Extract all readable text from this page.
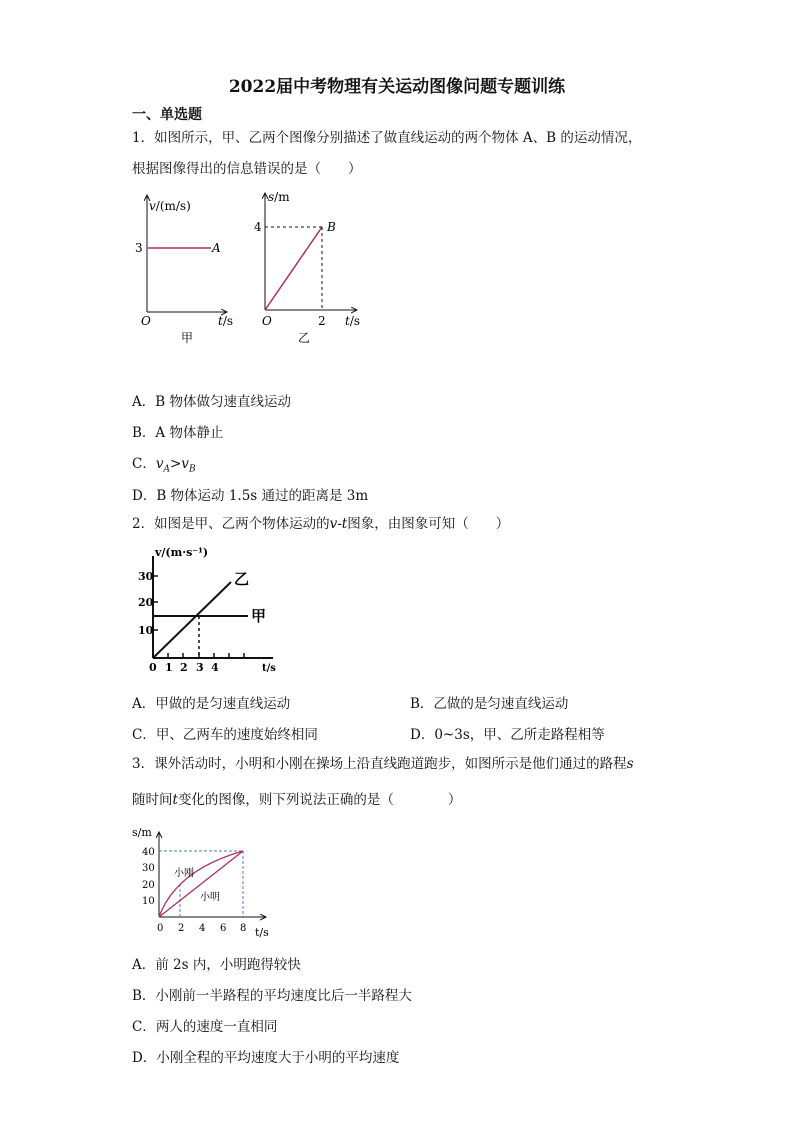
2022届中考物理有关运动图像问题专题训练
一、单选题
1．如图所示，甲、乙两个图像分别描述了做直线运动的两个物体 A、B 的运动情况，
根据图像得出的信息错误的是（　　）
v/(m/s)
3	A
O	t/s
甲
s/m
4	B
O	2 t/s
乙
A．B 物体做匀速直线运动
B．A 物体静止
C．$v_A>v_B$
D．B 物体运动 1.5s 通过的距离是 3m
2．如图是甲、乙两个物体运动的v-t图象，由图象可知（　　）
v/(m·s⁻¹)
30
20
10
0 1 2 3 4	t/s
乙
甲
A．甲做的是匀速直线运动	B．乙做的是匀速直线运动
C．甲、乙两车的速度始终相同	D．0~3s，甲、乙所走路程相等
3．课外活动时，小明和小刚在操场上沿直线跑道跑步，如图所示是他们通过的路程s
随时间t变化的图像，则下列说法正确的是（　　　　）
s/m
40
30
20
10
0 2 4 6 8 t/s
小刚
小明
A．前 2s 内，小明跑得较快
B．小刚前一半路程的平均速度比后一半路程大
C．两人的速度一直相同
D．小刚全程的平均速度大于小明的平均速度
